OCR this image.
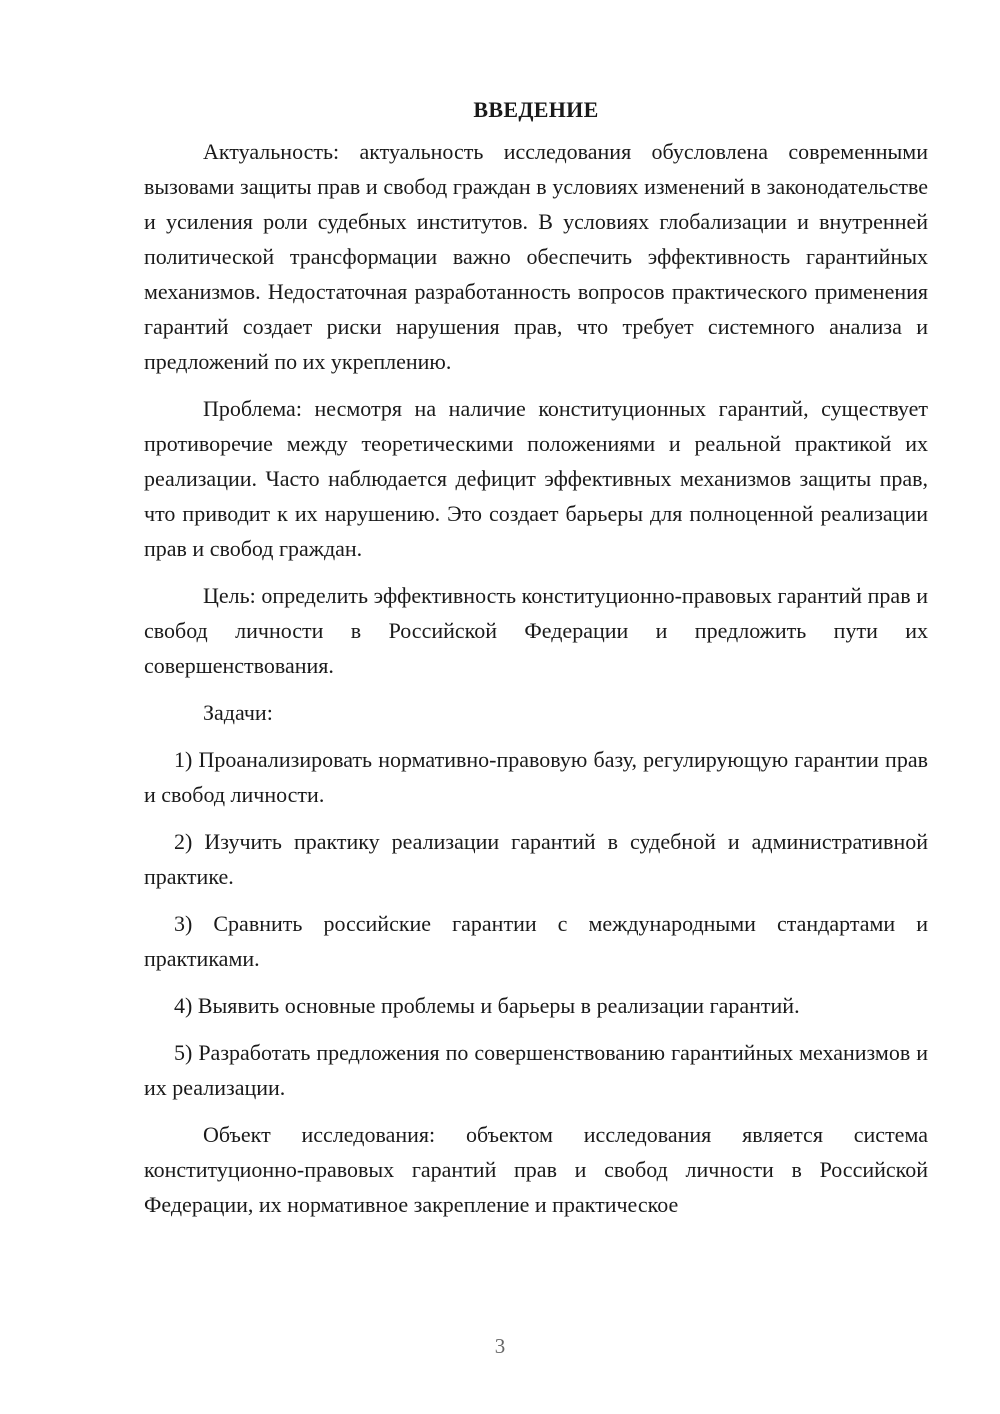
ВВЕДЕНИЕ

Актуальность: актуальность исследования обусловлена современными вызовами защиты прав и свобод граждан в условиях изменений в законодательстве и усиления роли судебных институтов. В условиях глобализации и внутренней политической трансформации важно обеспечить эффективность гарантийных механизмов. Недостаточная разработанность вопросов практического применения гарантий создает риски нарушения прав, что требует системного анализа и предложений по их укреплению.

Проблема: несмотря на наличие конституционных гарантий, существует противоречие между теоретическими положениями и реальной практикой их реализации. Часто наблюдается дефицит эффективных механизмов защиты прав, что приводит к их нарушению. Это создает барьеры для полноценной реализации прав и свобод граждан.

Цель: определить эффективность конституционно-правовых гарантий прав и свобод личности в Российской Федерации и предложить пути их совершенствования.

Задачи:

1) Проанализировать нормативно-правовую базу, регулирующую гарантии прав и свобод личности.

2) Изучить практику реализации гарантий в судебной и административной практике.

3) Сравнить российские гарантии с международными стандартами и практиками.

4) Выявить основные проблемы и барьеры в реализации гарантий.

5) Разработать предложения по совершенствованию гарантийных механизмов и их реализации.

Объект исследования: объектом исследования является система конституционно-правовых гарантий прав и свобод личности в Российской Федерации, их нормативное закрепление и практическое

3
